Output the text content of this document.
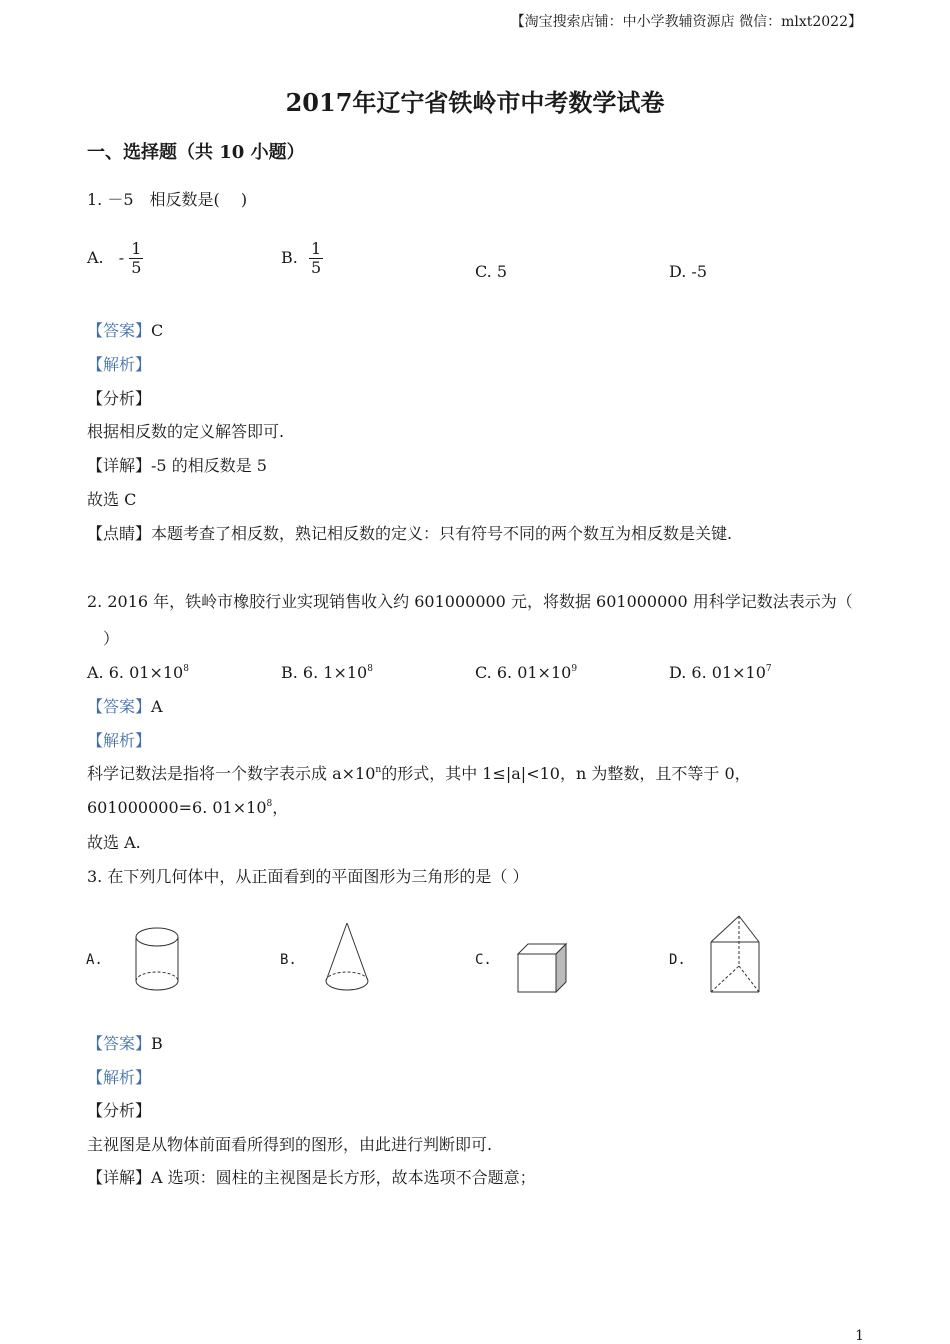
【淘宝搜索店铺：中小学教辅资源店 微信：mlxt2022】
2017年辽宁省铁岭市中考数学试卷
一、选择题（共 10 小题）
1. －5　相反数是(　 )
A. - $\frac{1}{5}$	B. $\frac{1}{5}$	C. 5	D. -5
【答案】C
【解析】
【分析】
根据相反数的定义解答即可.
【详解】-5 的相反数是 5
故选 C
【点睛】本题考查了相反数，熟记相反数的定义：只有符号不同的两个数互为相反数是关键.
2. 2016 年，铁岭市橡胶行业实现销售收入约 601000000 元，将数据 601000000 用科学记数法表示为（
）
A. 6. $01\times 10^8$	B. 6. $1\times 10^8$	C. 6. $01\times 10^9$	D. 6. $01\times 10^7$
【答案】A
【解析】
科学记数法是指将一个数字表示成 $a\times 10^n$的形式，其中 1≤|a|<10，n 为整数，且不等于 0，
601000000=6. $01\times 10^8$，
故选 A.
3. 在下列几何体中，从正面看到的平面图形为三角形的是（ ）
A.	B.	C.	D.
【答案】B
【解析】
【分析】
主视图是从物体前面看所得到的图形，由此进行判断即可.
【详解】A 选项：圆柱的主视图是长方形，故本选项不合题意；
1
